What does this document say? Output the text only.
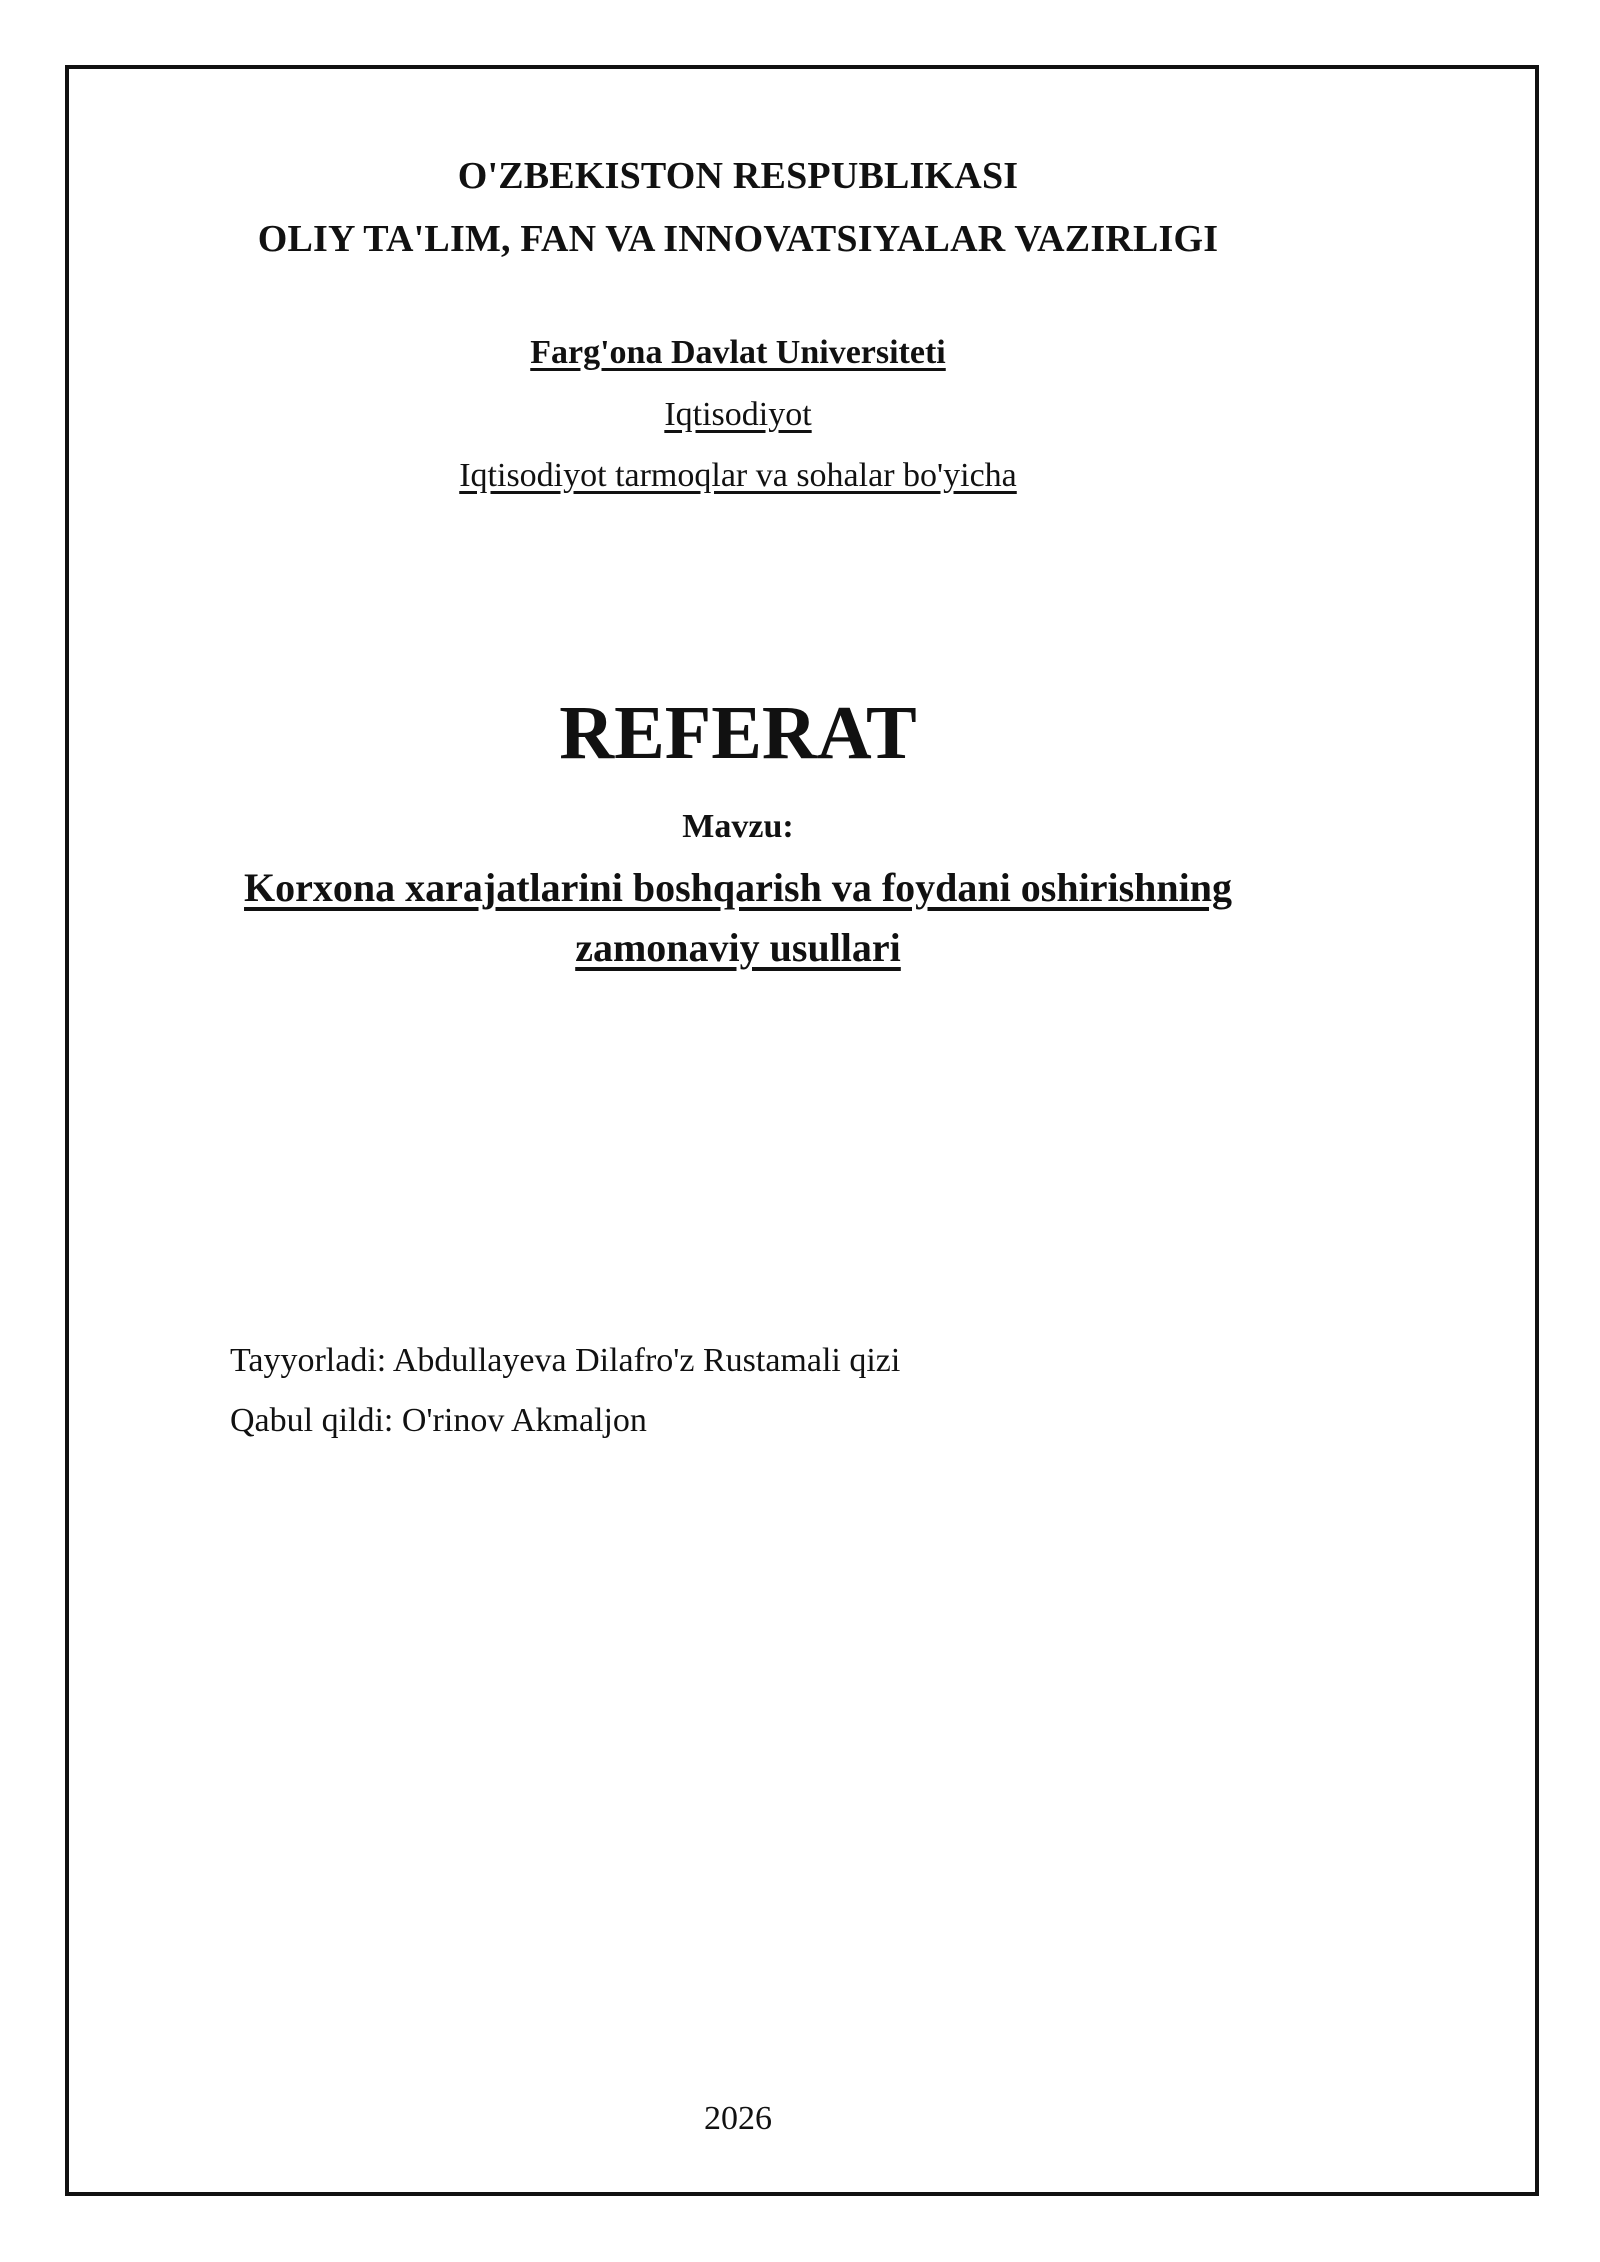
O'ZBEKISTON RESPUBLIKASI
OLIY TA'LIM, FAN VA INNOVATSIYALAR VAZIRLIGI
Farg'ona Davlat Universiteti
Iqtisodiyot
Iqtisodiyot tarmoqlar va sohalar bo'yicha
REFERAT
Mavzu:
Korxona xarajatlarini boshqarish va foydani oshirishning zamonaviy usullari
Tayyorladi: Abdullayeva Dilafro'z Rustamali qizi
Qabul qildi: O'rinov Akmaljon
2026
